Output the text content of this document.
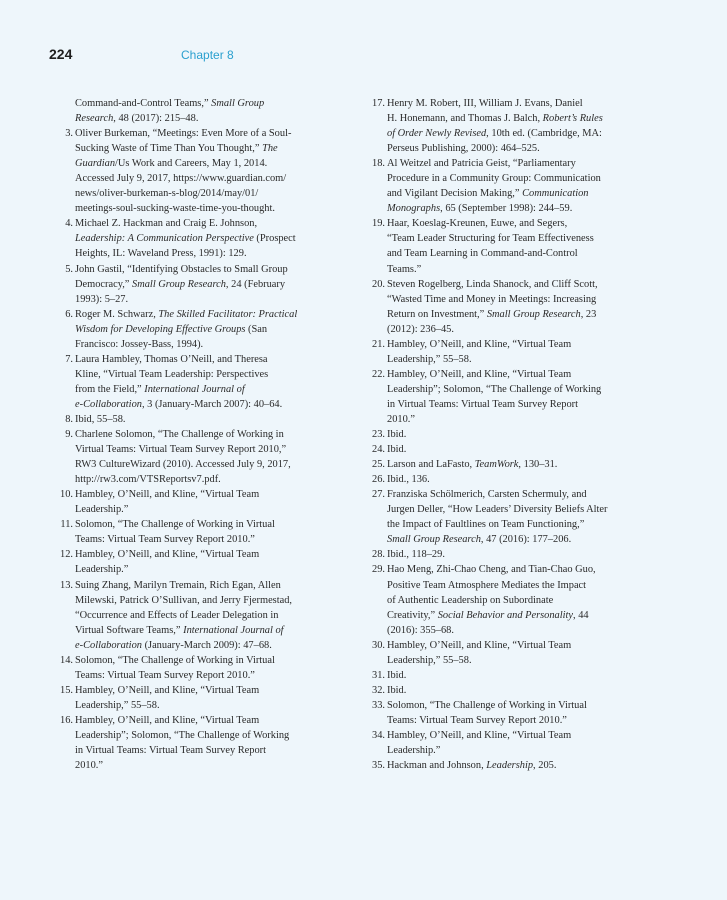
224	Chapter 8
Command-and-Control Teams,” Small Group
Research, 48 (2017): 215–48.
3. Oliver Burkeman, “Meetings: Even More of a Soul-
Sucking Waste of Time Than You Thought,” The
Guardian/Us Work and Careers, May 1, 2014.
Accessed July 9, 2017, https://www.guardian.com/
news/oliver-burkeman-s-blog/2014/may/01/
meetings-soul-sucking-waste-time-you-thought.
4. Michael Z. Hackman and Craig E. Johnson,
Leadership: A Communication Perspective (Prospect
Heights, IL: Waveland Press, 1991): 129.
5. John Gastil, “Identifying Obstacles to Small Group
Democracy,” Small Group Research, 24 (February
1993): 5–27.
6. Roger M. Schwarz, The Skilled Facilitator: Practical
Wisdom for Developing Effective Groups (San
Francisco: Jossey-Bass, 1994).
7. Laura Hambley, Thomas O’Neill, and Theresa
Kline, “Virtual Team Leadership: Perspectives
from the Field,” International Journal of
e-Collaboration, 3 (January-March 2007): 40–64.
8. Ibid, 55–58.
9. Charlene Solomon, “The Challenge of Working in
Virtual Teams: Virtual Team Survey Report 2010,”
RW3 CultureWizard (2010). Accessed July 9, 2017,
http://rw3.com/VTSReportsv7.pdf.
10. Hambley, O’Neill, and Kline, “Virtual Team
Leadership.”
11. Solomon, “The Challenge of Working in Virtual
Teams: Virtual Team Survey Report 2010.”
12. Hambley, O’Neill, and Kline, “Virtual Team
Leadership.”
13. Suing Zhang, Marilyn Tremain, Rich Egan, Allen
Milewski, Patrick O’Sullivan, and Jerry Fjermestad,
“Occurrence and Effects of Leader Delegation in
Virtual Software Teams,” International Journal of
e-Collaboration (January-March 2009): 47–68.
14. Solomon, “The Challenge of Working in Virtual
Teams: Virtual Team Survey Report 2010.”
15. Hambley, O’Neill, and Kline, “Virtual Team
Leadership,” 55–58.
16. Hambley, O’Neill, and Kline, “Virtual Team
Leadership”; Solomon, “The Challenge of Working
in Virtual Teams: Virtual Team Survey Report
2010.”
17. Henry M. Robert, III, William J. Evans, Daniel
H. Honemann, and Thomas J. Balch, Robert’s Rules
of Order Newly Revised, 10th ed. (Cambridge, MA:
Perseus Publishing, 2000): 464–525.
18. Al Weitzel and Patricia Geist, “Parliamentary
Procedure in a Community Group: Communication
and Vigilant Decision Making,” Communication
Monographs, 65 (September 1998): 244–59.
19. Haar, Koeslag-Kreunen, Euwe, and Segers,
“Team Leader Structuring for Team Effectiveness
and Team Learning in Command-and-Control
Teams.”
20. Steven Rogelberg, Linda Shanock, and Cliff Scott,
“Wasted Time and Money in Meetings: Increasing
Return on Investment,” Small Group Research, 23
(2012): 236–45.
21. Hambley, O’Neill, and Kline, “Virtual Team
Leadership,” 55–58.
22. Hambley, O’Neill, and Kline, “Virtual Team
Leadership”; Solomon, “The Challenge of Working
in Virtual Teams: Virtual Team Survey Report
2010.”
23. Ibid.
24. Ibid.
25. Larson and LaFasto, TeamWork, 130–31.
26. Ibid., 136.
27. Franziska Schölmerich, Carsten Schermuly, and
Jurgen Deller, “How Leaders’ Diversity Beliefs Alter
the Impact of Faultlines on Team Functioning,”
Small Group Research, 47 (2016): 177–206.
28. Ibid., 118–29.
29. Hao Meng, Zhi-Chao Cheng, and Tian-Chao Guo,
Positive Team Atmosphere Mediates the Impact
of Authentic Leadership on Subordinate
Creativity,” Social Behavior and Personality, 44
(2016): 355–68.
30. Hambley, O’Neill, and Kline, “Virtual Team
Leadership,” 55–58.
31. Ibid.
32. Ibid.
33. Solomon, “The Challenge of Working in Virtual
Teams: Virtual Team Survey Report 2010.”
34. Hambley, O’Neill, and Kline, “Virtual Team
Leadership.”
35. Hackman and Johnson, Leadership, 205.
